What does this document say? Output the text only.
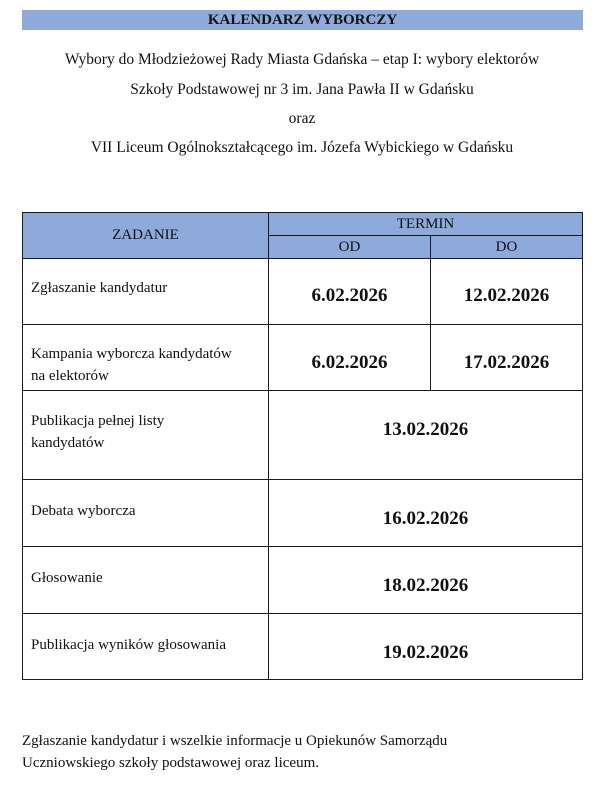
KALENDARZ WYBORCZY
Wybory do Młodzieżowej Rady Miasta Gdańska – etap I: wybory elektorów
Szkoły Podstawowej nr 3 im. Jana Pawła II w Gdańsku
oraz
VII Liceum Ogólnokształcącego im. Józefa Wybickiego w Gdańsku
ZADANIE	TERMIN	
	OD	DO

Zgłaszanie kandydatur	6.02.2026	12.02.2026

Kampania wyborcza kandydatów
na elektorów	6.02.2026	17.02.2026

Publikacja pełnej listy
kandydatów	13.02.2026	

Debata wyborcza	16.02.2026	

Głosowanie	18.02.2026	

Publikacja wyników głosowania	19.02.2026	
Zgłaszanie kandydatur i wszelkie informacje u Opiekunów Samorządu
Uczniowskiego szkoły podstawowej oraz liceum.
